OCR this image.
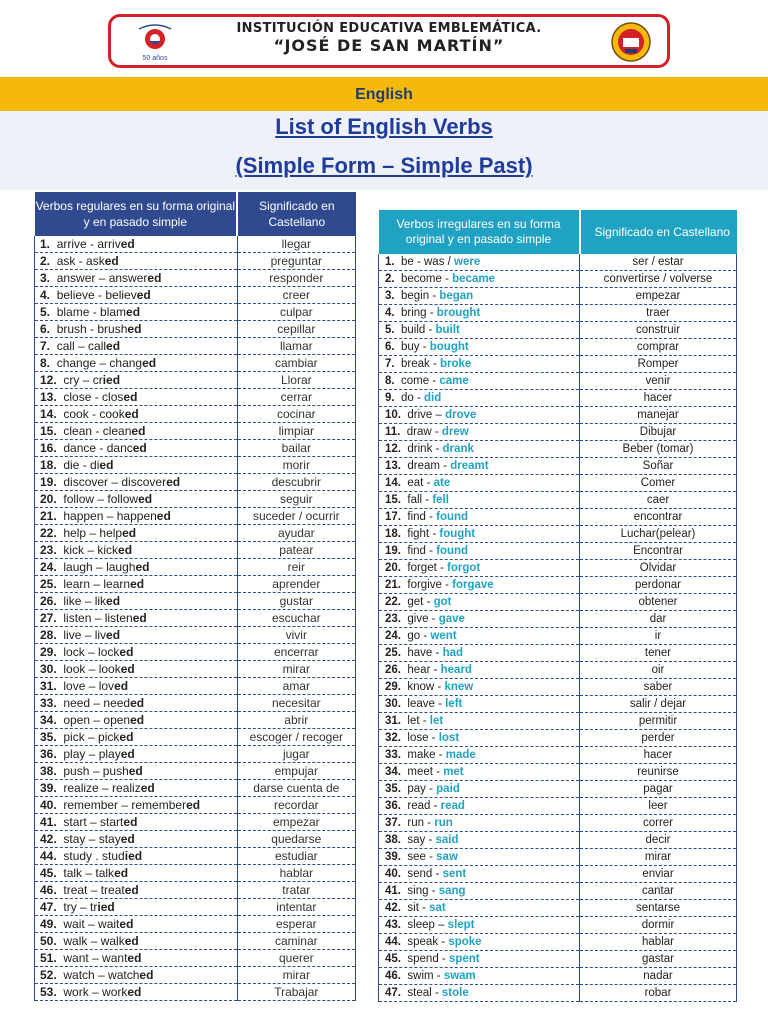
50 años
INSTITUCIÓN EDUCATIVA EMBLEMÁTICA.
“JOSÉ DE SAN MARTÍN”
English
List of English Verbs
(Simple Form – Simple Past)
Verbos regulares en su forma original y en pasado simple	Significado en Castellano
1. arrive - arrived	llegar
2. ask - asked	preguntar
3. answer – answered	responder
4. believe - believed	creer
5. blame - blamed	culpar
6. brush - brushed	cepillar
7. call – called	llamar
8. change – changed	cambiar
12. cry – cried	Llorar
13. close - closed	cerrar
14. cook - cooked	cocinar
15. clean - cleaned	limpiar
16. dance - danced	bailar
18. die - died	morir
19. discover – discovered	descubrir
20. follow – followed	seguir
21. happen – happened	suceder / ocurrir
22. help – helped	ayudar
23. kick – kicked	patear
24. laugh – laughed	reir
25. learn – learned	aprender
26. like – liked	gustar
27. listen – listened	escuchar
28. live – lived	vivir
29. lock – locked	encerrar
30. look – looked	mirar
31. love – loved	amar
33. need – needed	necesitar
34. open – opened	abrir
35. pick – picked	escoger / recoger
36. play – played	jugar
38. push – pushed	empujar
39. realize – realized	darse cuenta de
40. remember – remembered	recordar
41. start – started	empezar
42. stay – stayed	quedarse
44. study . studied	estudiar
45. talk – talked	hablar
46. treat – treated	tratar
47. try – tried	intentar
49. wait – waited	esperar
50. walk – walked	caminar
51. want – wanted	querer
52. watch – watched	mirar
53. work – worked	Trabajar
Verbos irregulares en su forma original y en pasado simple	Significado en Castellano
1. be - was / were	ser / estar
2. become - became	convertirse / volverse
3. begin - began	empezar
4. bring - brought	traer
5. build - built	construir
6. buy - bought	comprar
7. break - broke	Romper
8. come - came	venir
9. do - did	hacer
10. drive – drove	manejar
11. draw - drew	Dibujar
12. drink - drank	Beber (tomar)
13. dream - dreamt	Soñar
14. eat - ate	Comer
15. fall - fell	caer
17. find - found	encontrar
18. fight - fought	Luchar(pelear)
19. find - found	Encontrar
20. forget - forgot	Olvidar
21. forgive - forgave	perdonar
22. get - got	obtener
23. give - gave	dar
24. go - went	ir
25. have - had	tener
26. hear - heard	oir
29. know - knew	saber
30. leave - left	salir / dejar
31. let - let	permitir
32. lose - lost	perder
33. make - made	hacer
34. meet - met	reunirse
35. pay - paid	pagar
36. read - read	leer
37. run - run	correr
38. say - said	decir
39. see - saw	mirar
40. send - sent	enviar
41. sing - sang	cantar
42. sit - sat	sentarse
43. sleep – slept	dormir
44. speak - spoke	hablar
45. spend - spent	gastar
46. swim - swam	nadar
47. steal - stole	robar
